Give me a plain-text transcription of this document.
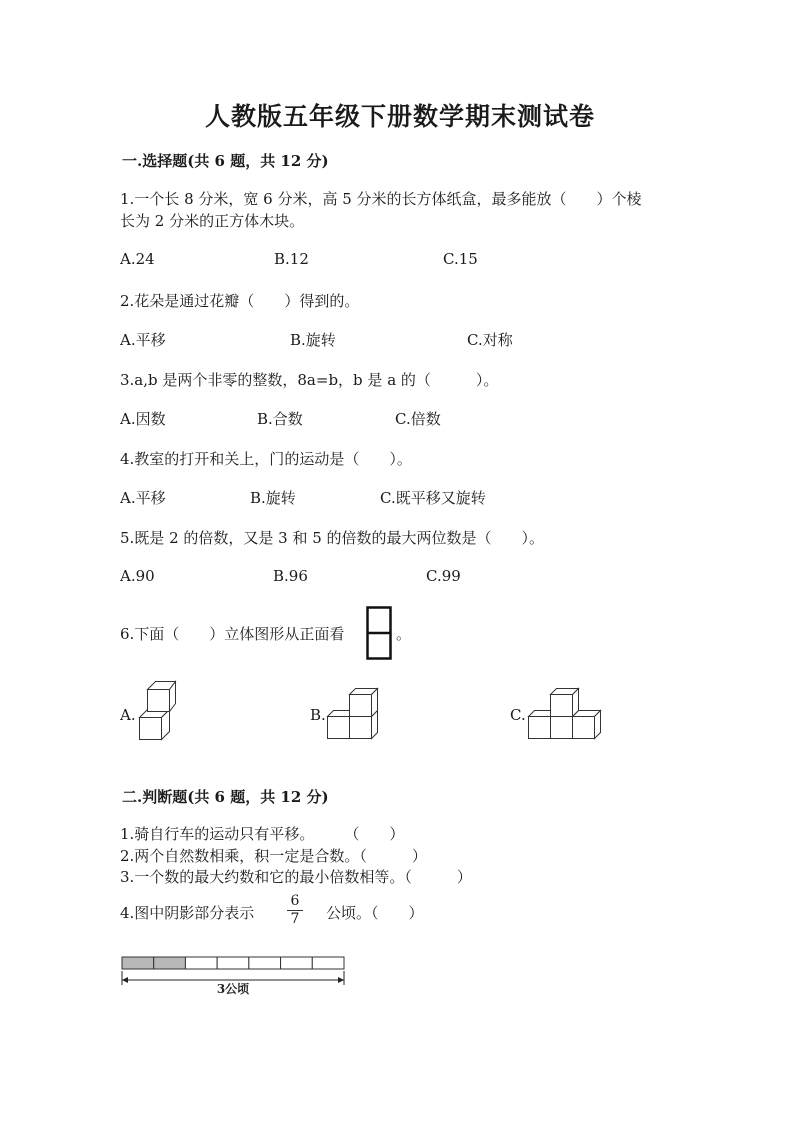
人教版五年级下册数学期末测试卷
一.选择题(共 6 题，共 12 分)
1.一个长 8 分米，宽 6 分米，高 5 分米的长方体纸盒，最多能放（　　）个棱
长为 2 分米的正方体木块。
A.24	B.12	C.15
2.花朵是通过花瓣（　　）得到的。
A.平移	B.旋转	C.对称
3.a,b 是两个非零的整数，8a=b，b 是 a 的（　　　）。
A.因数	B.合数	C.倍数
4.教室的打开和关上，门的运动是（　　）。
A.平移	B.旋转	C.既平移又旋转
5.既是 2 的倍数，又是 3 和 5 的倍数的最大两位数是（　　）。
A.90	B.96	C.99
6.下面（　　）立体图形从正面看	。
A.	B.	C.
二.判断题(共 6 题，共 12 分)
1.骑自行车的运动只有平移。　　　（　　）
2.两个自然数相乘，积一定是合数。（　　　）
3.一个数的最大约数和它的最小倍数相等。（　　　）
4.图中阴影部分表示 $\frac{6}{7}$ 公顷。（　　）
3公顷
